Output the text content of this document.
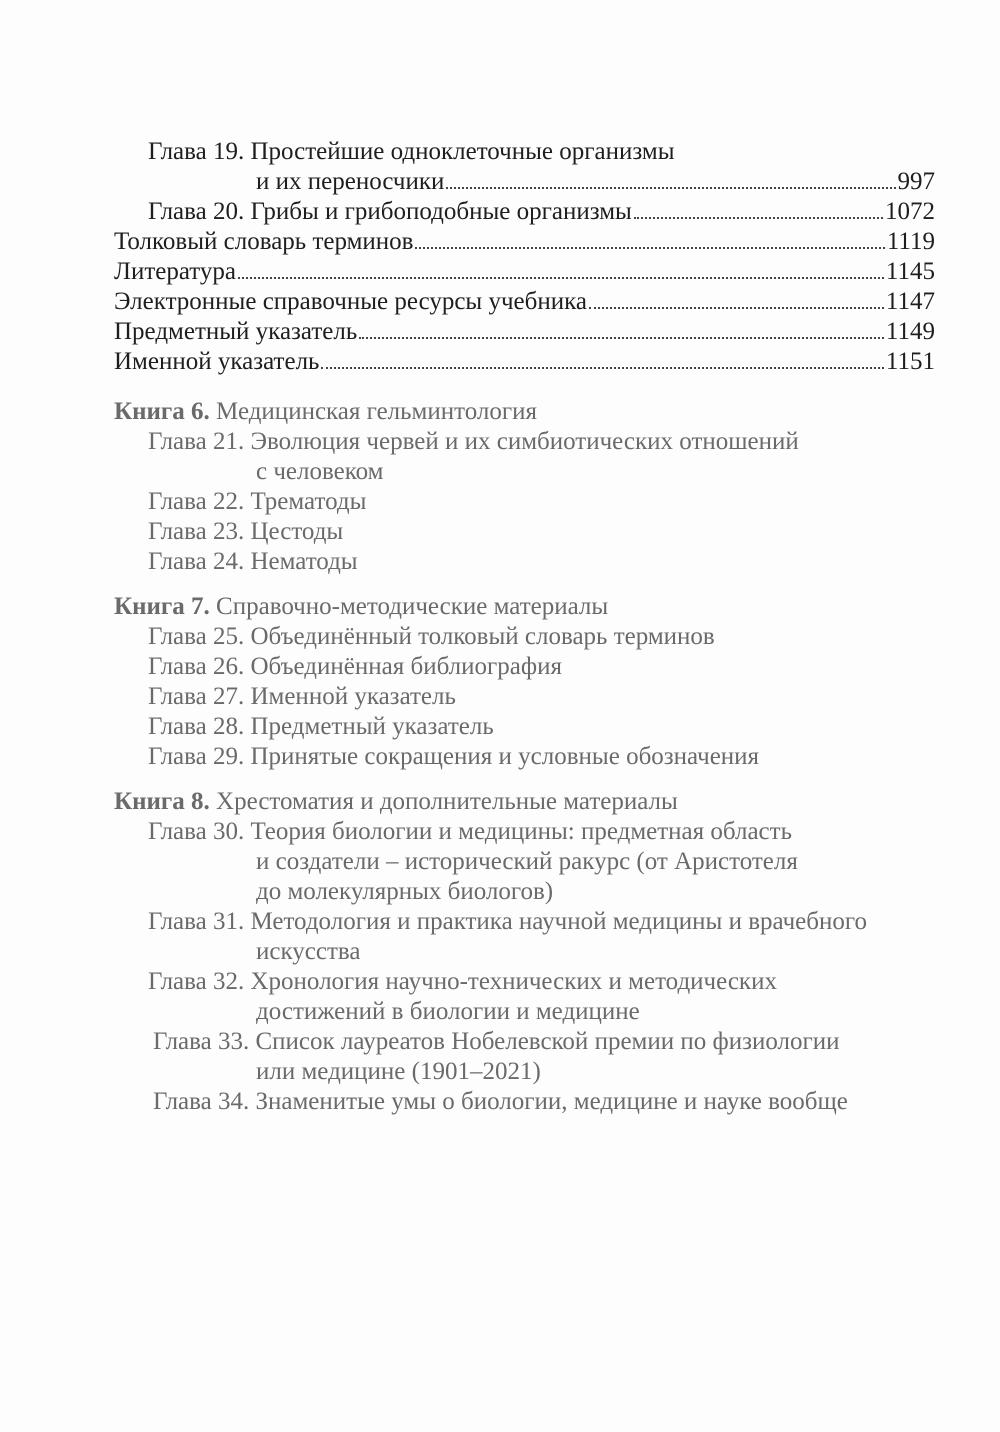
Глава 19. Простейшие одноклеточные организмы
и их переносчики	997
Глава 20. Грибы и грибоподобные организмы	1072
Толковый словарь терминов	1119
Литература	1145
Электронные справочные ресурсы учебника	1147
Предметный указатель	1149
Именной указатель	1151
Книга 6. Медицинская гельминтология
Глава 21. Эволюция червей и их симбиотических отношений
с человеком
Глава 22. Трематоды
Глава 23. Цестоды
Глава 24. Нематоды
Книга 7. Справочно-методические материалы
Глава 25. Объединённый толковый словарь терминов
Глава 26. Объединённая библиография
Глава 27. Именной указатель
Глава 28. Предметный указатель
Глава 29. Принятые сокращения и условные обозначения
Книга 8. Хрестоматия и дополнительные материалы
Глава 30. Теория биологии и медицины: предметная область
и создатели – исторический ракурс (от Аристотеля
до молекулярных биологов)
Глава 31. Методология и практика научной медицины и врачебного
искусства
Глава 32. Хронология научно-технических и методических
достижений в биологии и медицине
Глава 33. Список лауреатов Нобелевской премии по физиологии
или медицине (1901–2021)
Глава 34. Знаменитые умы о биологии, медицине и науке вообще
